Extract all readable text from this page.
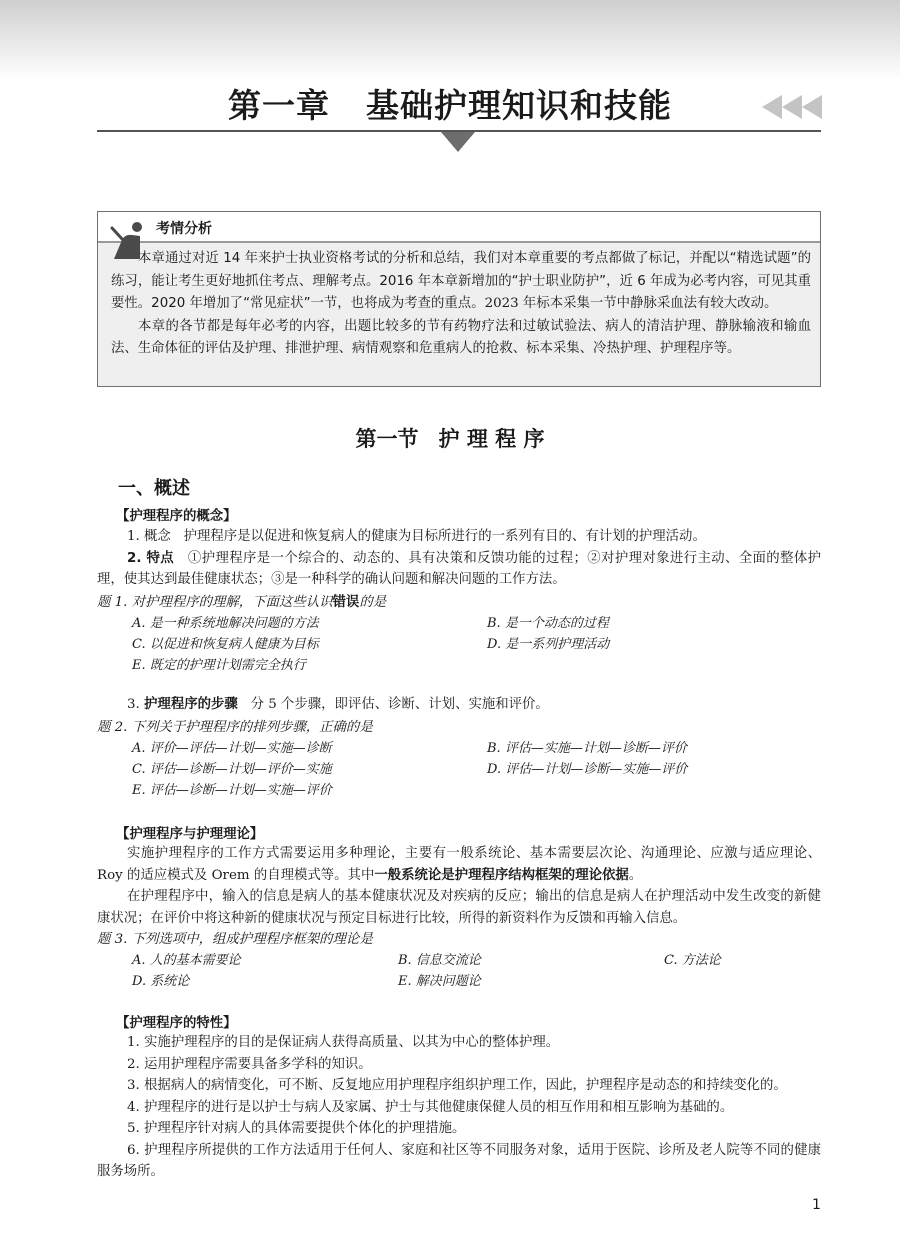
第一章 基础护理知识和技能
考情分析

本章通过对近 14 年来护士执业资格考试的分析和总结，我们对本章重要的考点都做了标记，并配以“精选试题”的练习，能让考生更好地抓住考点、理解考点。2016 年本章新增加的“护士职业防护”，近 6 年成为必考内容，可见其重要性。2020 年增加了“常见症状”一节，也将成为考查的重点。2023 年标本采集一节中静脉采血法有较大改动。

本章的各节都是每年必考的内容，出题比较多的节有药物疗法和过敏试验法、病人的清洁护理、静脉输液和输血法、生命体征的评估及护理、排泄护理、病情观察和危重病人的抢救、标本采集、冷热护理、护理程序等。

第一节 护 理 程 序
一、概述
【护理程序的概念】

1. 概念 护理程序是以促进和恢复病人的健康为目标所进行的一系列有目的、有计划的护理活动。

2. 特点 ①护理程序是一个综合的、动态的、具有决策和反馈功能的过程；②对护理对象进行主动、全面的整体护理，使其达到最佳健康状态；③是一种科学的确认问题和解决问题的工作方法。

题 1. 对护理程序的理解，下面这些认识错误的是
A. 是一种系统地解决问题的方法	B. 是一个动态的过程
C. 以促进和恢复病人健康为目标	D. 是一系列护理活动
E. 既定的护理计划需完全执行

3. 护理程序的步骤 分 5 个步骤，即评估、诊断、计划、实施和评价。

题 2. 下列关于护理程序的排列步骤，正确的是
A. 评价—评估—计划—实施—诊断	B. 评估—实施—计划—诊断—评价
C. 评估—诊断—计划—评价—实施	D. 评估—计划—诊断—实施—评价
E. 评估—诊断—计划—实施—评价
【护理程序与护理理论】

实施护理程序的工作方式需要运用多种理论，主要有一般系统论、基本需要层次论、沟通理论、应激与适应理论、Roy 的适应模式及 Orem 的自理模式等。其中一般系统论是护理程序结构框架的理论依据。

在护理程序中，输入的信息是病人的基本健康状况及对疾病的反应；输出的信息是病人在护理活动中发生改变的新健康状况；在评价中将这种新的健康状况与预定目标进行比较，所得的新资料作为反馈和再输入信息。

题 3. 下列选项中，组成护理程序框架的理论是
A. 人的基本需要论	B. 信息交流论	C. 方法论
D. 系统论	E. 解决问题论
【护理程序的特性】

1. 实施护理程序的目的是保证病人获得高质量、以其为中心的整体护理。

2. 运用护理程序需要具备多学科的知识。

3. 根据病人的病情变化，可不断、反复地应用护理程序组织护理工作，因此，护理程序是动态的和持续变化的。

4. 护理程序的进行是以护士与病人及家属、护士与其他健康保健人员的相互作用和相互影响为基础的。

5. 护理程序针对病人的具体需要提供个体化的护理措施。

6. 护理程序所提供的工作方法适用于任何人、家庭和社区等不同服务对象，适用于医院、诊所及老人院等不同的健康服务场所。

1
